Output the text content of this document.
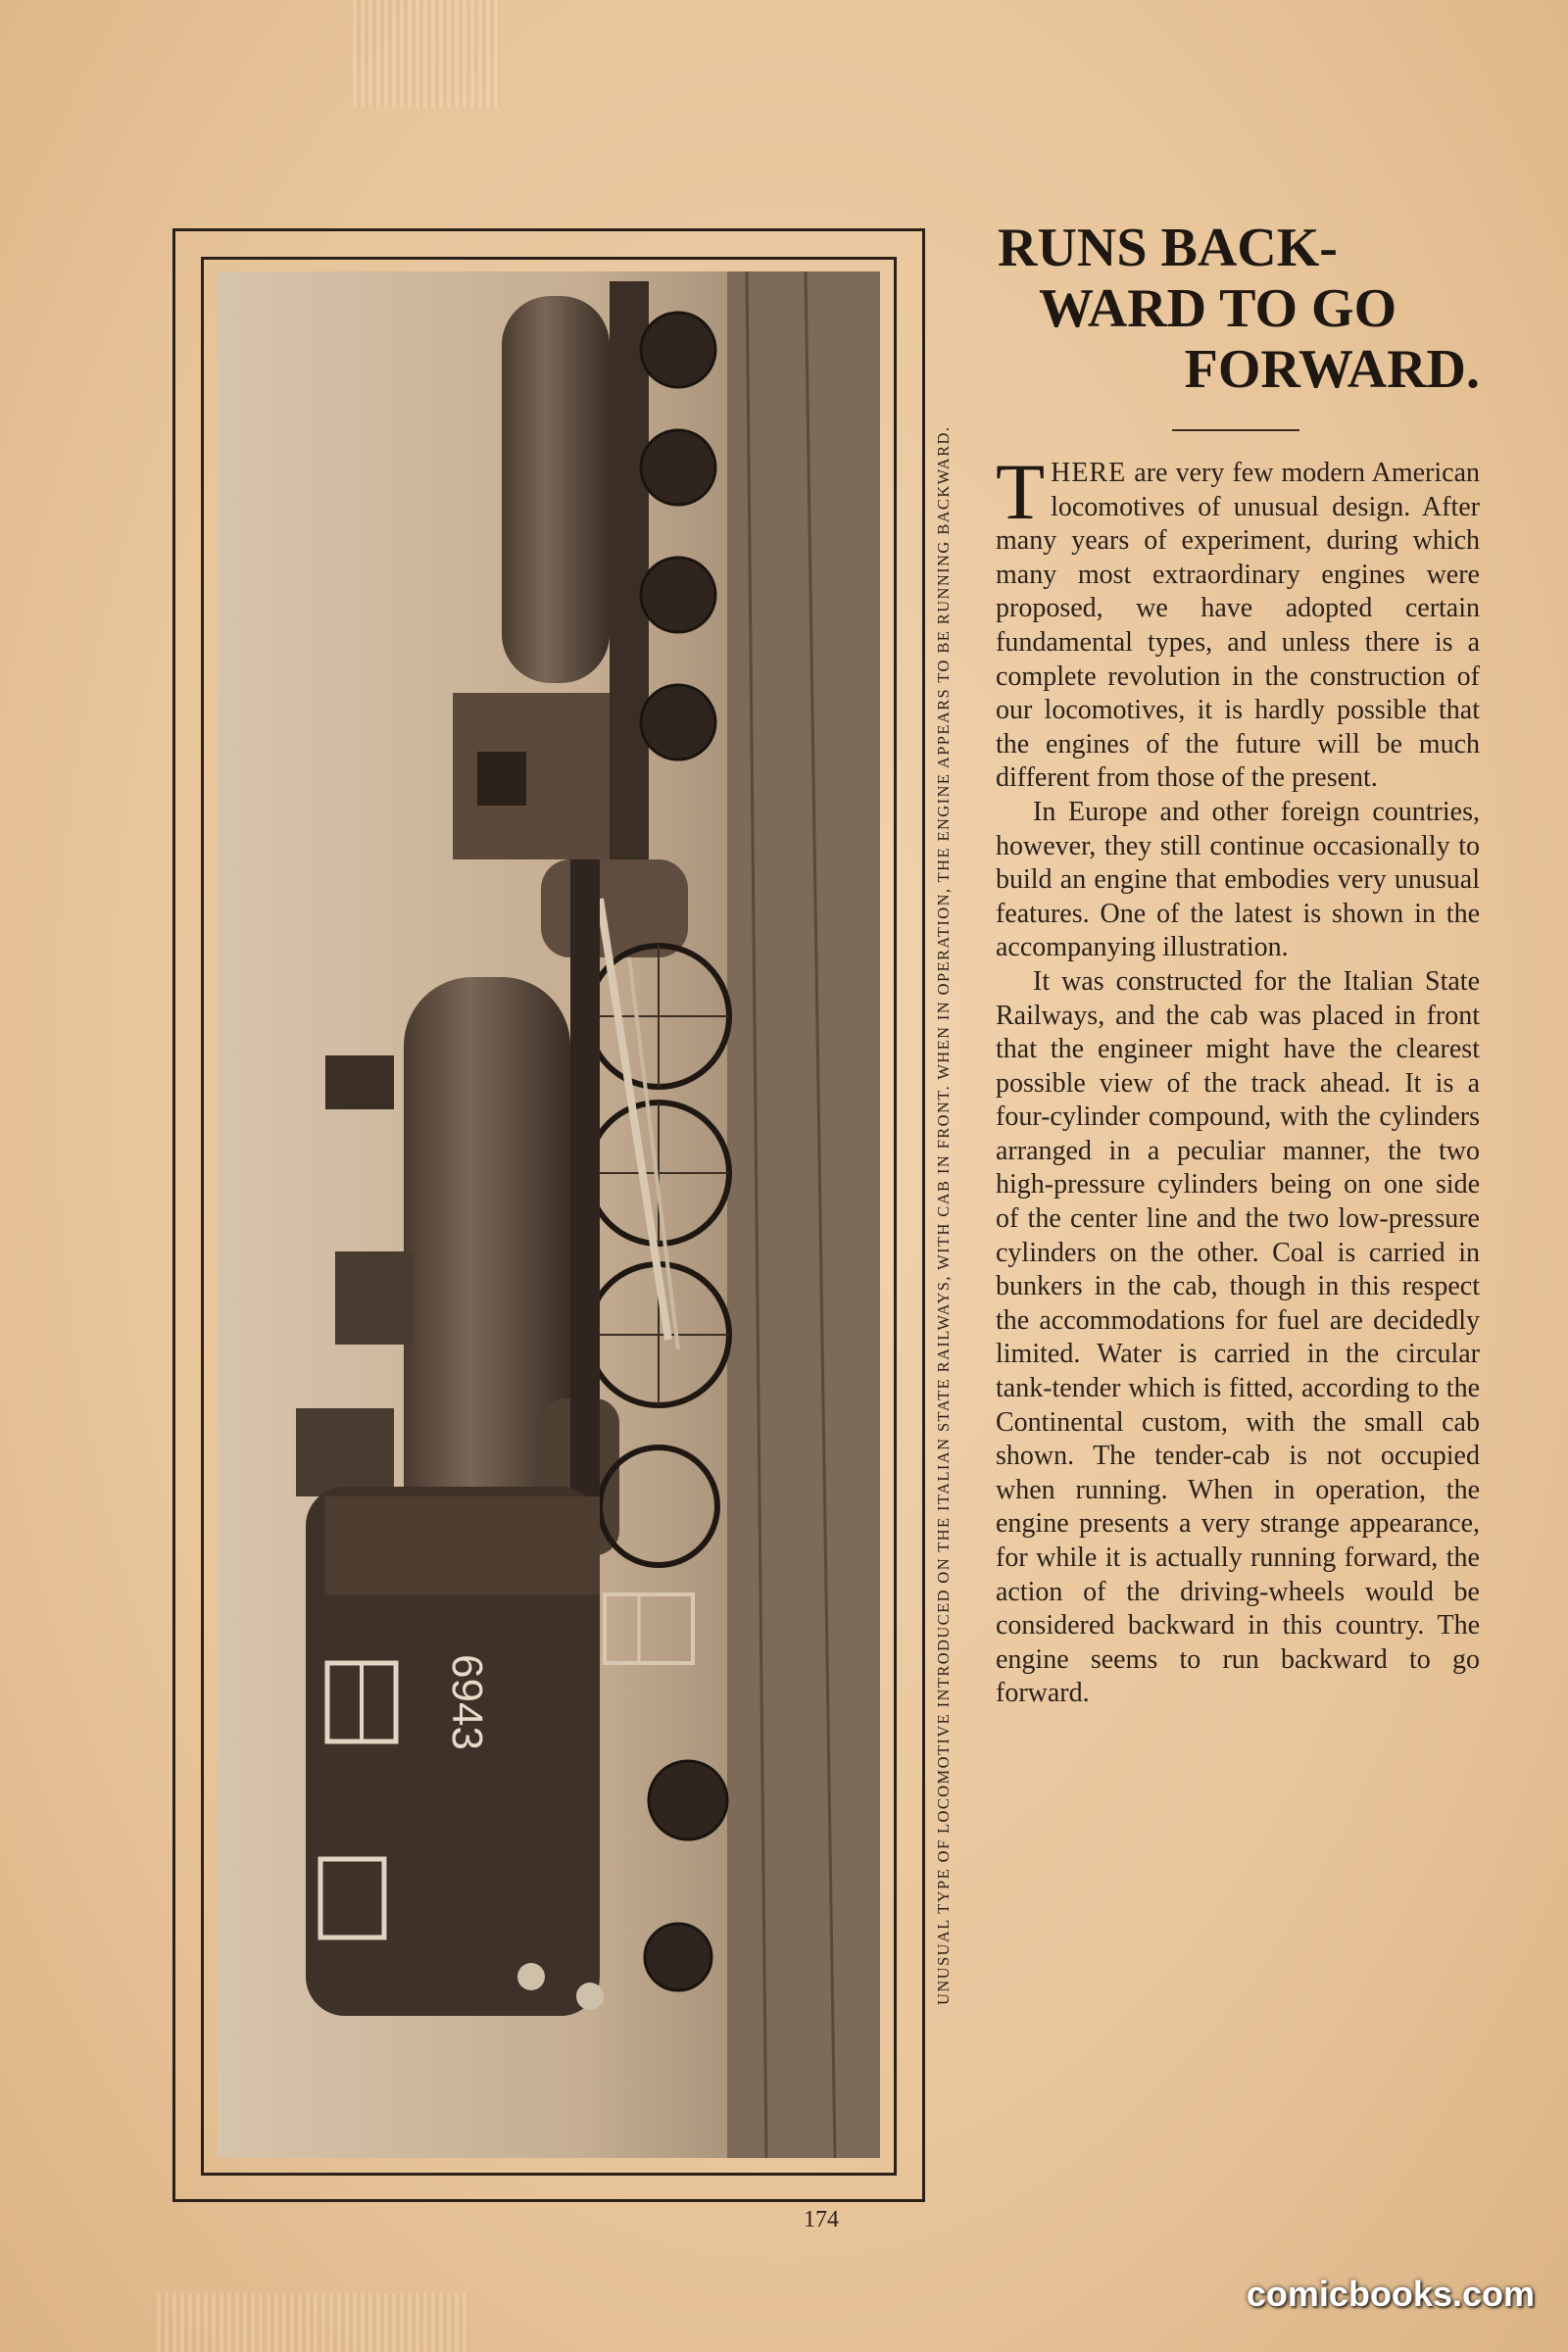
6943	UNUSUAL TYPE OF LOCOMOTIVE INTRODUCED ON THE ITALIAN STATE RAILWAYS, WITH CAB IN FRONT. WHEN IN OPERATION, THE ENGINE APPEARS TO BE RUNNING BACKWARD.
RUNS BACK-
WARD TO GO
FORWARD.

THERE are very few modern American locomotives of unusual design. After many years of experiment, during which many most extraordinary engines were proposed, we have adopted certain fundamental types, and unless there is a complete revolution in the construction of our locomotives, it is hardly possible that the engines of the future will be much different from those of the present.

In Europe and other foreign countries, however, they still continue occasionally to build an engine that embodies very unusual features. One of the latest is shown in the accompanying illustration.

It was constructed for the Italian State Railways, and the cab was placed in front that the engineer might have the clearest possible view of the track ahead. It is a four-cylinder compound, with the cylinders arranged in a peculiar manner, the two high-pressure cylinders being on one side of the center line and the two low-pressure cylinders on the other. Coal is carried in bunkers in the cab, though in this respect the accommodations for fuel are decidedly limited. Water is carried in the circular tank-tender which is fitted, according to the Continental custom, with the small cab shown. The tender-cab is not occupied when running. When in operation, the engine presents a very strange appearance, for while it is actually running forward, the action of the driving-wheels would be considered backward in this country. The engine seems to run backward to go forward.

174
comicbooks.com
